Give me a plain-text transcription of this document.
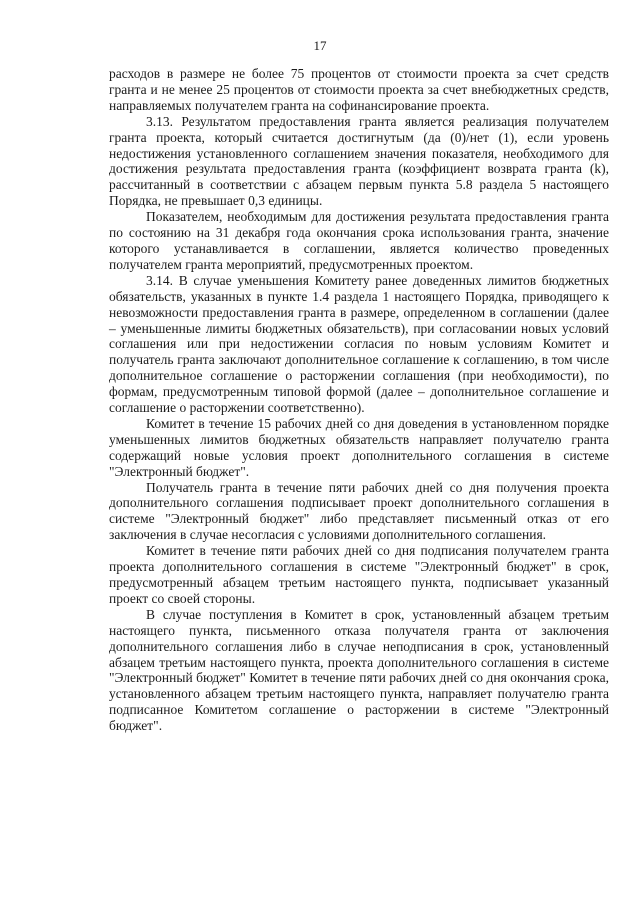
17

расходов в размере не более 75 процентов от стоимости проекта за счет средств гранта и не менее 25 процентов от стоимости проекта за счет внебюджетных средств, направляемых получателем гранта на софинансирование проекта.

3.13. Результатом предоставления гранта является реализация получателем гранта проекта, который считается достигнутым (да (0)/нет (1), если уровень недостижения установленного соглашением значения показателя, необходимого для достижения результата предоставления гранта (коэффициент возврата гранта (k), рассчитанный в соответствии с абзацем первым пункта 5.8 раздела 5 настоящего Порядка, не превышает 0,3 единицы.

Показателем, необходимым для достижения результата предоставления гранта по состоянию на 31 декабря года окончания срока использования гранта, значение которого устанавливается в соглашении, является количество проведенных получателем гранта мероприятий, предусмотренных проектом.

3.14. В случае уменьшения Комитету ранее доведенных лимитов бюджетных обязательств, указанных в пункте 1.4 раздела 1 настоящего Порядка, приводящего к невозможности предоставления гранта в размере, определенном в соглашении (далее – уменьшенные лимиты бюджетных обязательств), при согласовании новых условий соглашения или при недостижении согласия по новым условиям Комитет и получатель гранта заключают дополнительное соглашение к соглашению, в том числе дополнительное соглашение о расторжении соглашения (при необходимости), по формам, предусмотренным типовой формой (далее – дополнительное соглашение и соглашение о расторжении соответственно).

Комитет в течение 15 рабочих дней со дня доведения в установленном порядке уменьшенных лимитов бюджетных обязательств направляет получателю гранта содержащий новые условия проект дополнительного соглашения в системе "Электронный бюджет".

Получатель гранта в течение пяти рабочих дней со дня получения проекта дополнительного соглашения подписывает проект дополнительного соглашения в системе "Электронный бюджет" либо представляет письменный отказ от его заключения в случае несогласия с условиями дополнительного соглашения.

Комитет в течение пяти рабочих дней со дня подписания получателем гранта проекта дополнительного соглашения в системе "Электронный бюджет" в срок, предусмотренный абзацем третьим настоящего пункта, подписывает указанный проект со своей стороны.

В случае поступления в Комитет в срок, установленный абзацем третьим настоящего пункта, письменного отказа получателя гранта от заключения дополнительного соглашения либо в случае неподписания в срок, установленный абзацем третьим настоящего пункта, проекта дополнительного соглашения в системе "Электронный бюджет" Комитет в течение пяти рабочих дней со дня окончания срока, установленного абзацем третьим настоящего пункта, направляет получателю гранта подписанное Комитетом соглашение о расторжении в системе "Электронный бюджет".
